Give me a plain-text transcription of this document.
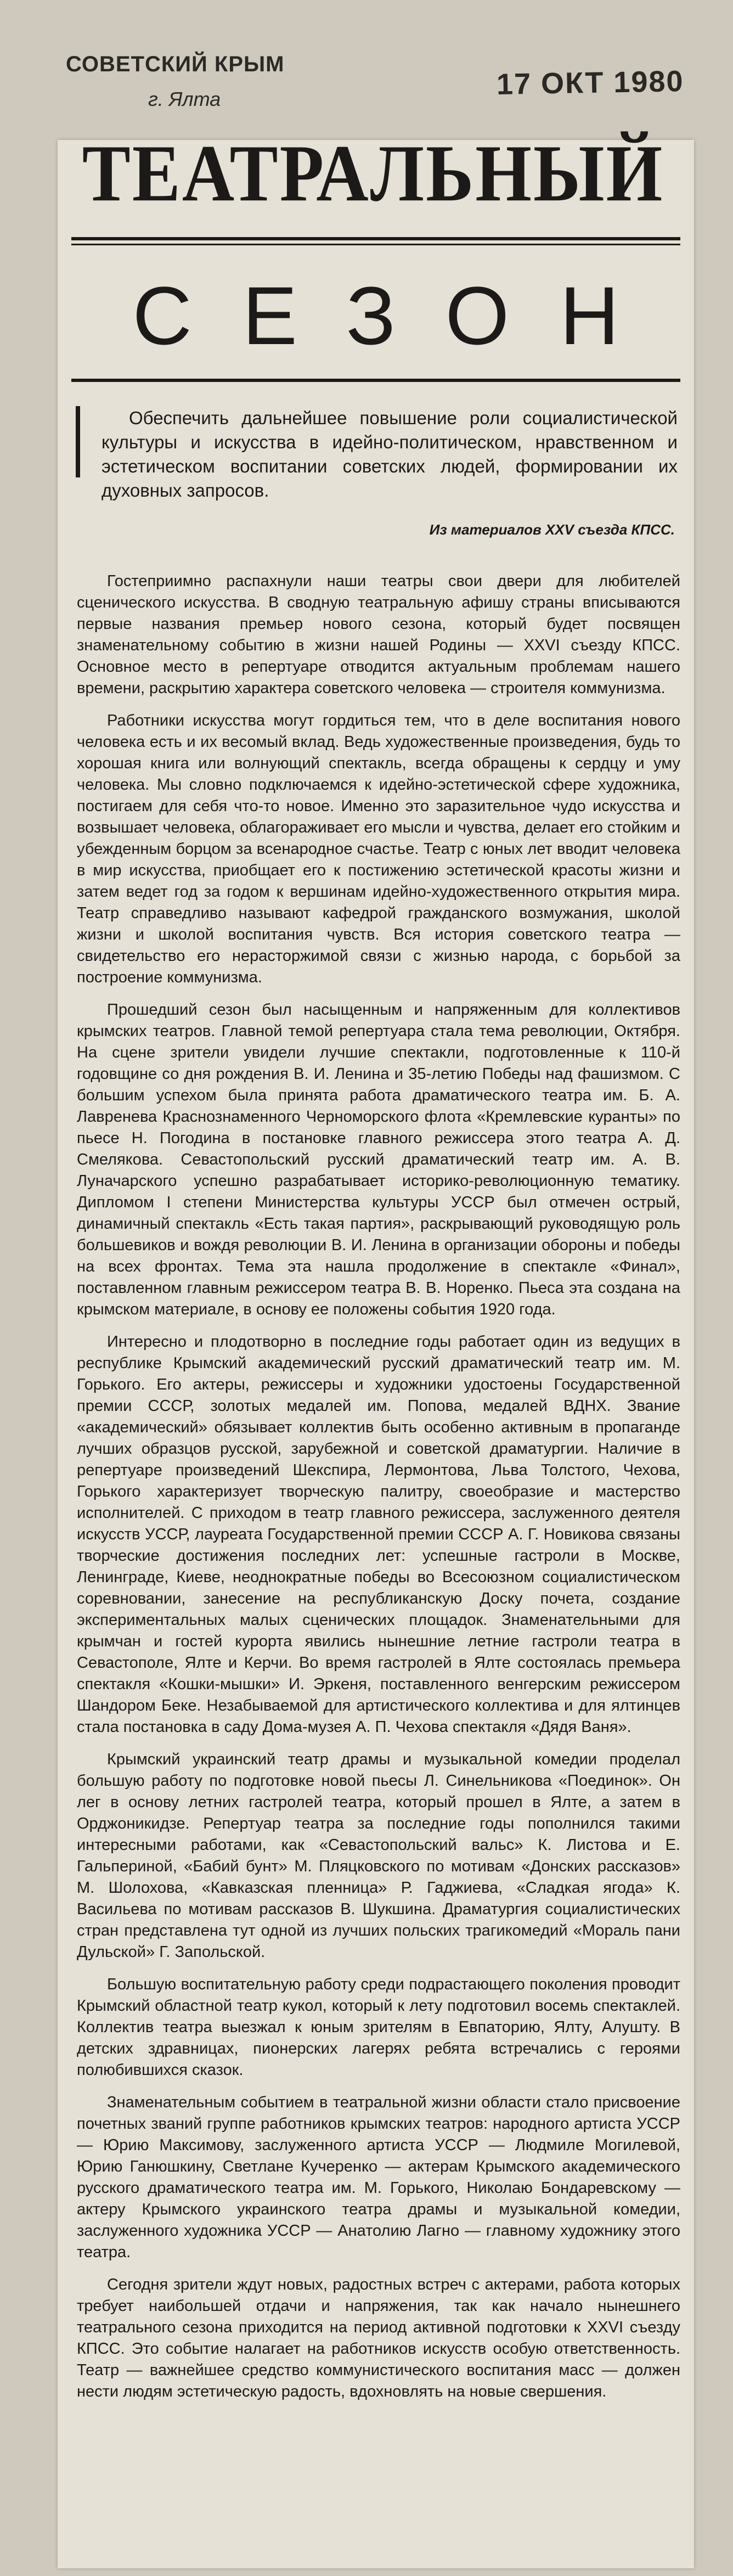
СОВЕТСКИЙ КРЫМ
г. Ялта	17 ОКТ 1980
ТЕАТРАЛЬНЫЙ
СЕЗОН
Обеспечить дальнейшее повышение роли социалистической культуры и искусства в идейно-политическом, нравственном и эстетическом воспитании советских людей, формировании их духовных запросов.
Из материалов XXV съезда КПСС.

Гостеприимно распахнули наши театры свои двери для любителей сценического искусства. В сводную театральную афишу страны вписываются первые названия премьер нового сезона, который будет посвящен знаменательному событию в жизни нашей Родины — XXVI съезду КПСС. Основное место в репертуаре отводится актуальным проблемам нашего времени, раскрытию характера советского человека — строителя коммунизма.

Работники искусства могут гордиться тем, что в деле воспитания нового человека есть и их весомый вклад. Ведь художественные произведения, будь то хорошая книга или волнующий спектакль, всегда обращены к сердцу и уму человека. Мы словно подключаемся к идейно-эстетической сфере художника, постигаем для себя что-то новое. Именно это заразительное чудо искусства и возвышает человека, облагораживает его мысли и чувства, делает его стойким и убежденным борцом за всенародное счастье. Театр с юных лет вводит человека в мир искусства, приобщает его к постижению эстетической красоты жизни и затем ведет год за годом к вершинам идейно-художественного открытия мира. Театр справедливо называют кафедрой гражданского возмужания, школой жизни и школой воспитания чувств. Вся история советского театра — свидетельство его нерасторжимой связи с жизнью народа, с борьбой за построение коммунизма.

Прошедший сезон был насыщенным и напряженным для коллективов крымских театров. Главной темой репертуара стала тема революции, Октября. На сцене зрители увидели лучшие спектакли, подготовленные к 110-й годовщине со дня рождения В. И. Ленина и 35-летию Победы над фашизмом. С большим успехом была принята работа драматического театра им. Б. А. Лавренева Краснознаменного Черноморского флота «Кремлевские куранты» по пьесе Н. Погодина в постановке главного режиссера этого театра А. Д. Смелякова. Севастопольский русский драматический театр им. А. В. Луначарского успешно разрабатывает историко-революционную тематику. Дипломом I степени Министерства культуры УССР был отмечен острый, динамичный спектакль «Есть такая партия», раскрывающий руководящую роль большевиков и вождя революции В. И. Ленина в организации обороны и победы на всех фронтах. Тема эта нашла продолжение в спектакле «Финал», поставленном главным режиссером театра В. В. Норенко. Пьеса эта создана на крымском материале, в основу ее положены события 1920 года.

Интересно и плодотворно в последние годы работает один из ведущих в республике Крымский академический русский драматический театр им. М. Горького. Его актеры, режиссеры и художники удостоены Государственной премии СССР, золотых медалей им. Попова, медалей ВДНХ. Звание «академический» обязывает коллектив быть особенно активным в пропаганде лучших образцов русской, зарубежной и советской драматургии. Наличие в репертуаре произведений Шекспира, Лермонтова, Льва Толстого, Чехова, Горького характеризует творческую палитру, своеобразие и мастерство исполнителей. С приходом в театр главного режиссера, заслуженного деятеля искусств УССР, лауреата Государственной премии СССР А. Г. Новикова связаны творческие достижения последних лет: успешные гастроли в Москве, Ленинграде, Киеве, неоднократные победы во Всесоюзном социалистическом соревновании, занесение на республиканскую Доску почета, создание экспериментальных малых сценических площадок. Знаменательными для крымчан и гостей курорта явились нынешние летние гастроли театра в Севастополе, Ялте и Керчи. Во время гастролей в Ялте состоялась премьера спектакля «Кошки-мышки» И. Эркеня, поставленного венгерским режиссером Шандором Беке. Незабываемой для артистического коллектива и для ялтинцев стала постановка в саду Дома-музея А. П. Чехова спектакля «Дядя Ваня».

Крымский украинский театр драмы и музыкальной комедии проделал большую работу по подготовке новой пьесы Л. Синельникова «Поединок». Он лег в основу летних гастролей театра, который прошел в Ялте, а затем в Орджоникидзе. Репертуар театра за последние годы пополнился такими интересными работами, как «Севастопольский вальс» К. Листова и Е. Гальпериной, «Бабий бунт» М. Пляцковского по мотивам «Донских рассказов» М. Шолохова, «Кавказская пленница» Р. Гаджиева, «Сладкая ягода» К. Васильева по мотивам рассказов В. Шукшина. Драматургия социалистических стран представлена тут одной из лучших польских трагикомедий «Мораль пани Дульской» Г. Запольской.

Большую воспитательную работу среди подрастающего поколения проводит Крымский областной театр кукол, который к лету подготовил восемь спектаклей. Коллектив театра выезжал к юным зрителям в Евпаторию, Ялту, Алушту. В детских здравницах, пионерских лагерях ребята встречались с героями полюбившихся сказок.

Знаменательным событием в театральной жизни области стало присвоение почетных званий группе работников крымских театров: народного артиста УССР — Юрию Максимову, заслуженного артиста УССР — Людмиле Могилевой, Юрию Ганюшкину, Светлане Кучеренко — актерам Крымского академического русского драматического театра им. М. Горького, Николаю Бондаревскому — актеру Крымского украинского театра драмы и музыкальной комедии, заслуженного художника УССР — Анатолию Лагно — главному художнику этого театра.

Сегодня зрители ждут новых, радостных встреч с актерами, работа которых требует наибольшей отдачи и напряжения, так как начало нынешнего театрального сезона приходится на период активной подготовки к XXVI съезду КПСС. Это событие налагает на работников искусств особую ответственность. Театр — важнейшее средство коммунистического воспитания масс — должен нести людям эстетическую радость, вдохновлять на новые свершения.
